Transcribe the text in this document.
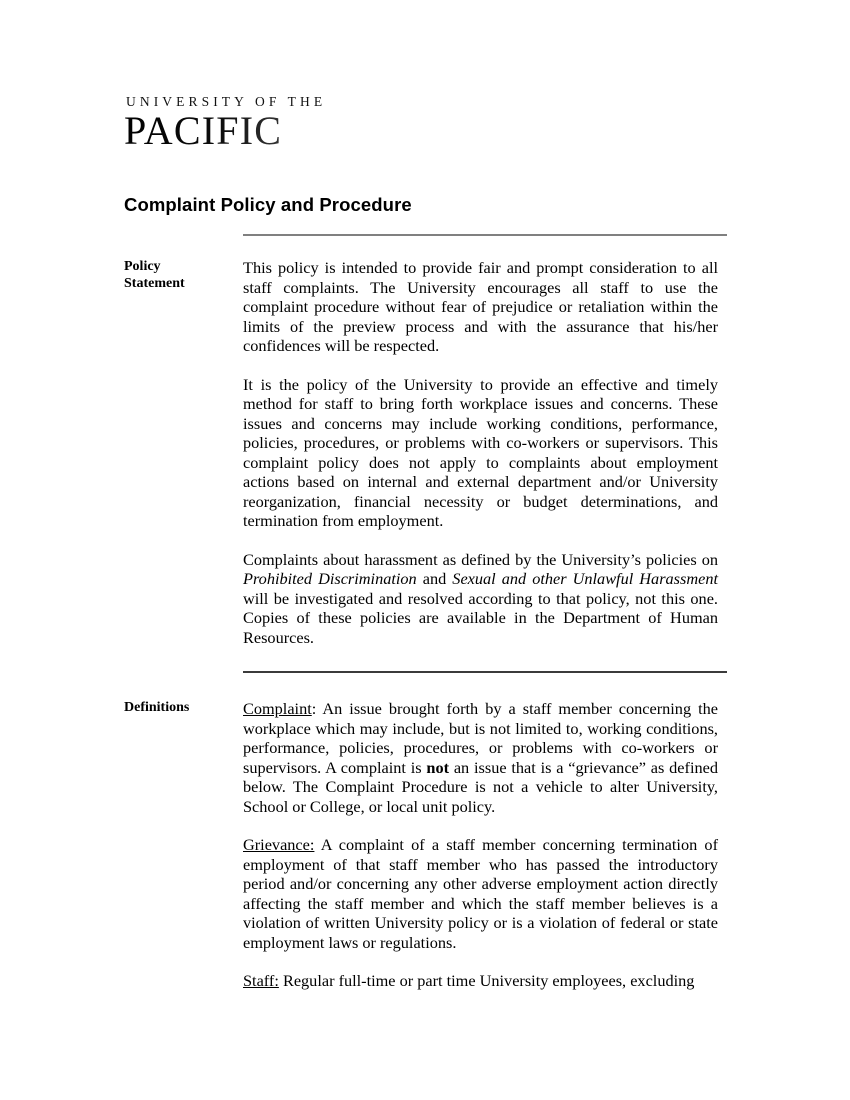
UNIVERSITY OF THE
PACIFIC
Complaint Policy and Procedure
Policy
Statement

This policy is intended to provide fair and prompt consideration to all staff complaints. The University encourages all staff to use the complaint procedure without fear of prejudice or retaliation within the limits of the preview process and with the assurance that his/her confidences will be respected.

It is the policy of the University to provide an effective and timely method for staff to bring forth workplace issues and concerns. These issues and concerns may include working conditions, performance, policies, procedures, or problems with co-workers or supervisors. This complaint policy does not apply to complaints about employment actions based on internal and external department and/or University reorganization, financial necessity or budget determinations, and termination from employment.

Complaints about harassment as defined by the University’s policies on Prohibited Discrimination and Sexual and other Unlawful Harassment will be investigated and resolved according to that policy, not this one. Copies of these policies are available in the Department of Human Resources.

Definitions	Complaint: An issue brought forth by a staff member concerning the workplace which may include, but is not limited to, working conditions, performance, policies, procedures, or problems with co-workers or supervisors. A complaint is not an issue that is a “grievance” as defined below. The Complaint Procedure is not a vehicle to alter University, School or College, or local unit policy.

Grievance: A complaint of a staff member concerning termination of employment of that staff member who has passed the introductory period and/or concerning any other adverse employment action directly affecting the staff member and which the staff member believes is a violation of written University policy or is a violation of federal or state employment laws or regulations.

Staff: Regular full-time or part time University employees, excluding
